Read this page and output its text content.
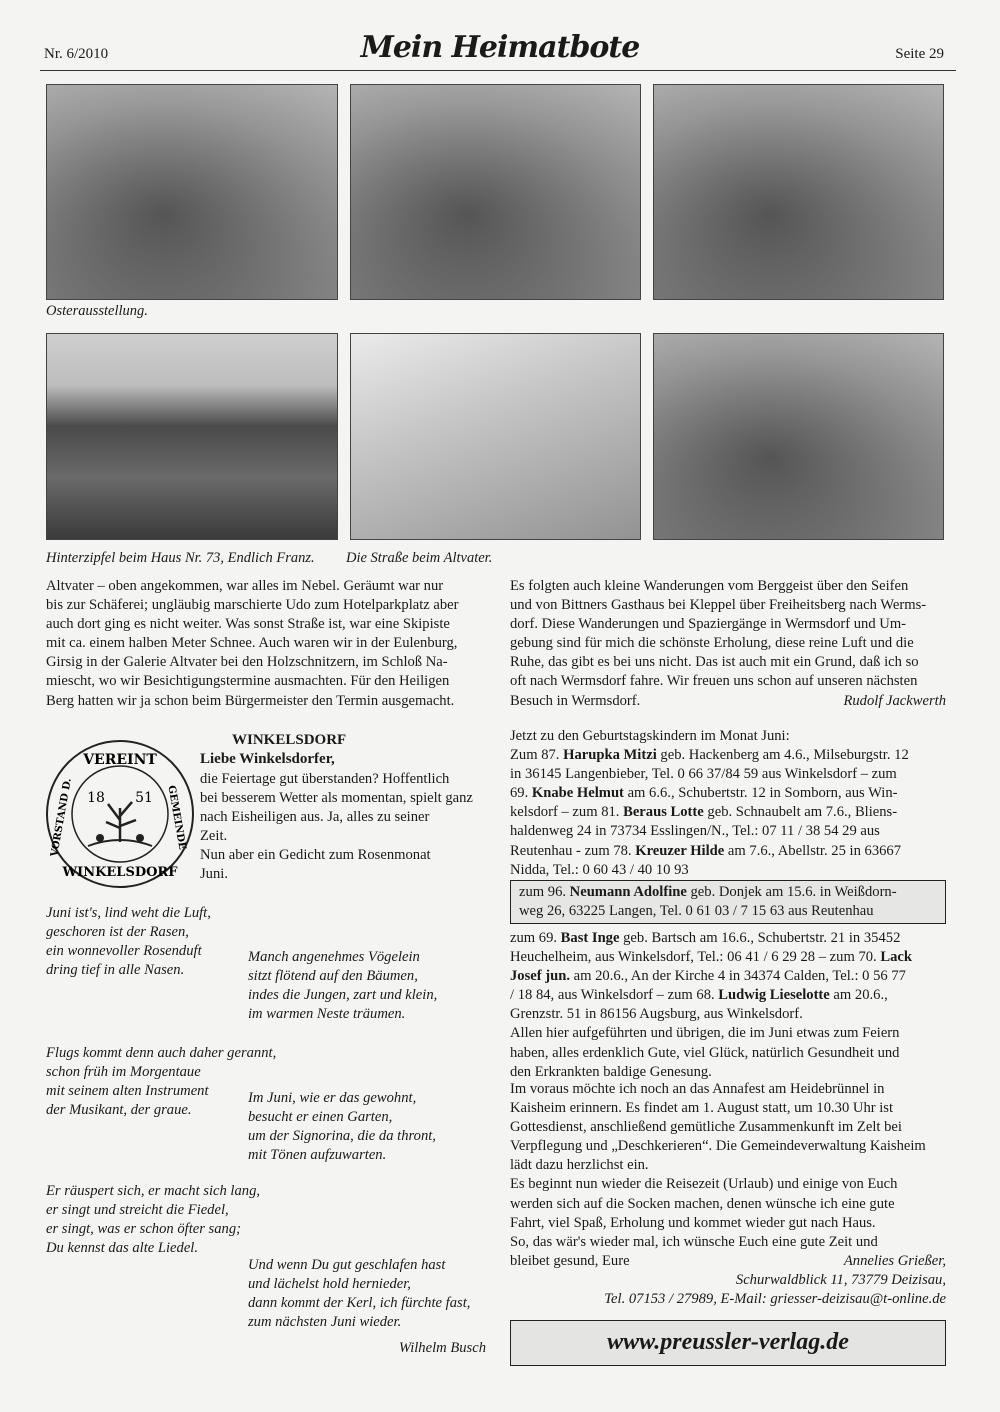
Nr. 6/2010	Mein Heimatbote	Seite 29
Osterausstellung.
Hinterzipfel beim Haus Nr. 73, Endlich Franz. Die Straße beim Altvater.
Altvater – oben angekommen, war alles im Nebel. Geräumt war nur
bis zur Schäferei; ungläubig marschierte Udo zum Hotelparkplatz aber
auch dort ging es nicht weiter. Was sonst Straße ist, war eine Skipiste
mit ca. einem halben Meter Schnee. Auch waren wir in der Eulenburg,
Girsig in der Galerie Altvater bei den Holzschnitzern, im Schloß Na-
miescht, wo wir Besichtigungstermine ausmachten. Für den Heiligen
Berg hatten wir ja schon beim Bürgermeister den Termin ausgemacht.
VEREINT
GEMEINDE
VORSTAND D.
WINKELSDORF
18 51
WINKELSDORF
Liebe Winkelsdorfer,
die Feiertage gut überstanden? Hoffentlich
bei besserem Wetter als momentan, spielt ganz
nach Eisheiligen aus. Ja, alles zu seiner
Zeit.
Nun aber ein Gedicht zum Rosenmonat
Juni.
Juni ist's, lind weht die Luft,
geschoren ist der Rasen,
ein wonnevoller Rosenduft
dring tief in alle Nasen.
Manch angenehmes Vögelein
sitzt flötend auf den Bäumen,
indes die Jungen, zart und klein,
im warmen Neste träumen.
Flugs kommt denn auch daher gerannt,
schon früh im Morgentaue
mit seinem alten Instrument
der Musikant, der graue.
Im Juni, wie er das gewohnt,
besucht er einen Garten,
um der Signorina, die da thront,
mit Tönen aufzuwarten.
Er räuspert sich, er macht sich lang,
er singt und streicht die Fiedel,
er singt, was er schon öfter sang;
Du kennst das alte Liedel.
Und wenn Du gut geschlafen hast
und lächelst hold hernieder,
dann kommt der Kerl, ich fürchte fast,
zum nächsten Juni wieder.
Wilhelm Busch
Es folgten auch kleine Wanderungen vom Berggeist über den Seifen
und von Bittners Gasthaus bei Kleppel über Freiheitsberg nach Werms-
dorf. Diese Wanderungen und Spaziergänge in Wermsdorf und Um-
gebung sind für mich die schönste Erholung, diese reine Luft und die
Ruhe, das gibt es bei uns nicht. Das ist auch mit ein Grund, daß ich so
oft nach Wermsdorf fahre. Wir freuen uns schon auf unseren nächsten
Besuch in Wermsdorf.	Rudolf Jackwerth
Jetzt zu den Geburtstagskindern im Monat Juni:
Zum 87. Harupka Mitzi geb. Hackenberg am 4.6., Milseburgstr. 12
in 36145 Langenbieber, Tel. 0 66 37/84 59 aus Winkelsdorf – zum
69. Knabe Helmut am 6.6., Schubertstr. 12 in Somborn, aus Win-
kelsdorf – zum 81. Beraus Lotte geb. Schnaubelt am 7.6., Bliens-
haldenweg 24 in 73734 Esslingen/N., Tel.: 07 11 / 38 54 29 aus
Reutenhau - zum 78. Kreuzer Hilde am 7.6., Abellstr. 25 in 63667
Nidda, Tel.: 0 60 43 / 40 10 93
zum 96. Neumann Adolfine geb. Donjek am 15.6. in Weißdorn-
weg 26, 63225 Langen, Tel. 0 61 03 / 7 15 63 aus Reutenhau
zum 69. Bast Inge geb. Bartsch am 16.6., Schubertstr. 21 in 35452
Heuchelheim, aus Winkelsdorf, Tel.: 06 41 / 6 29 28 – zum 70. Lack
Josef jun. am 20.6., An der Kirche 4 in 34374 Calden, Tel.: 0 56 77
/ 18 84, aus Winkelsdorf – zum 68. Ludwig Lieselotte am 20.6.,
Grenzstr. 51 in 86156 Augsburg, aus Winkelsdorf.
Allen hier aufgeführten und übrigen, die im Juni etwas zum Feiern
haben, alles erdenklich Gute, viel Glück, natürlich Gesundheit und
den Erkrankten baldige Genesung.
Im voraus möchte ich noch an das Annafest am Heidebrünnel in
Kaisheim erinnern. Es findet am 1. August statt, um 10.30 Uhr ist
Gottesdienst, anschließend gemütliche Zusammenkunft im Zelt bei
Verpflegung und „Deschkerieren“. Die Gemeindeverwaltung Kaisheim
lädt dazu herzlichst ein.
Es beginnt nun wieder die Reisezeit (Urlaub) und einige von Euch
werden sich auf die Socken machen, denen wünsche ich eine gute
Fahrt, viel Spaß, Erholung und kommet wieder gut nach Haus.
So, das wär's wieder mal, ich wünsche Euch eine gute Zeit und
bleibet gesund, Eure	Annelies Grießer,
Schurwaldblick 11, 73779 Deizisau,
Tel. 07153 / 27989, E-Mail: griesser-deizisau@t-online.de
www.preussler-verlag.de
